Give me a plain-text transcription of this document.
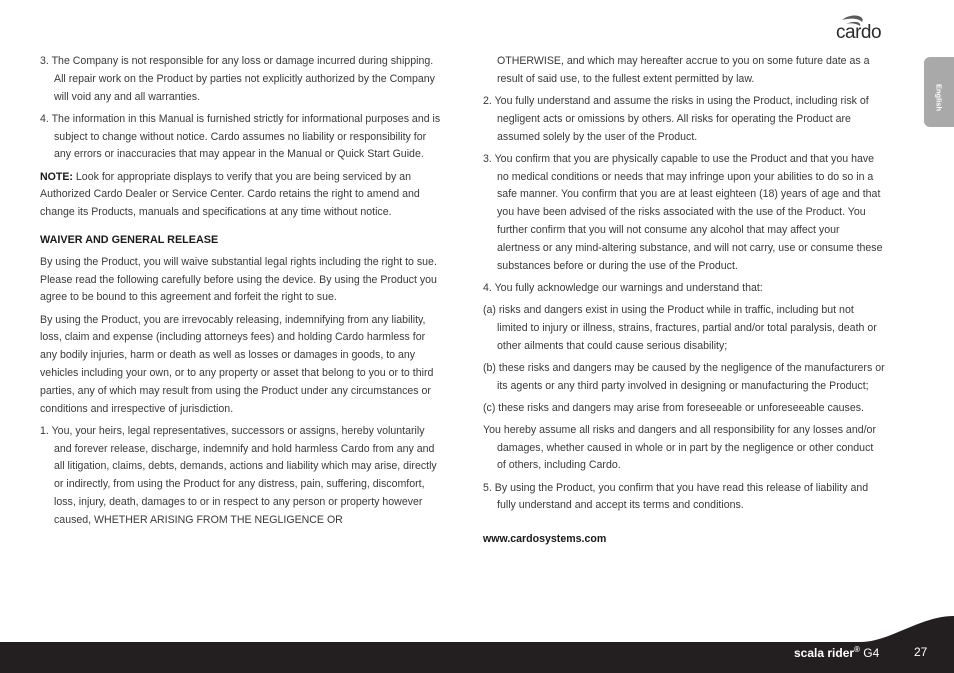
cardo
English

3. The Company is not responsible for any loss or damage incurred during shipping. All repair work on the Product by parties not explicitly authorized by the Company will void any and all warranties.

4. The information in this Manual is furnished strictly for informational purposes and is subject to change without notice. Cardo assumes no liability or responsibility for any errors or inaccuracies that may appear in the Manual or Quick Start Guide.

NOTE: Look for appropriate displays to verify that you are being serviced by an Authorized Cardo Dealer or Service Center. Cardo retains the right to amend and change its Products, manuals and specifications at any time without notice.

WAIVER AND GENERAL RELEASE

By using the Product, you will waive substantial legal rights including the right to sue. Please read the following carefully before using the device. By using the Product you agree to be bound to this agreement and forfeit the right to sue.

By using the Product, you are irrevocably releasing, indemnifying from any liability, loss, claim and expense (including attorneys fees) and holding Cardo harmless for any bodily injuries, harm or death as well as losses or damages in goods, to any vehicles including your own, or to any property or asset that belong to you or to third parties, any of which may result from using the Product under any circumstances or conditions and irrespective of jurisdiction.

1. You, your heirs, legal representatives, successors or assigns, hereby voluntarily and forever release, discharge, indemnify and hold harmless Cardo from any and all litigation, claims, debts, demands, actions and liability which may arise, directly or indirectly, from using the Product for any distress, pain, suffering, discomfort, loss, injury, death, damages to or in respect to any person or property however caused, WHETHER ARISING FROM THE NEGLIGENCE OR

OTHERWISE, and which may hereafter accrue to you on some future date as a result of said use, to the fullest extent permitted by law.

2. You fully understand and assume the risks in using the Product, including risk of negligent acts or omissions by others. All risks for operating the Product are assumed solely by the user of the Product.

3. You confirm that you are physically capable to use the Product and that you have no medical conditions or needs that may infringe upon your abilities to do so in a safe manner. You confirm that you are at least eighteen (18) years of age and that you have been advised of the risks associated with the use of the Product. You further confirm that you will not consume any alcohol that may affect your alertness or any mind-altering substance, and will not carry, use or consume these substances before or during the use of the Product.

4. You fully acknowledge our warnings and understand that:

(a) risks and dangers exist in using the Product while in traffic, including but not limited to injury or illness, strains, fractures, partial and/or total paralysis, death or other ailments that could cause serious disability;

(b) these risks and dangers may be caused by the negligence of the manufacturers or its agents or any third party involved in designing or manufacturing the Product;

(c) these risks and dangers may arise from foreseeable or unforeseeable causes.

You hereby assume all risks and dangers and all responsibility for any losses and/or damages, whether caused in whole or in part by the negligence or other conduct of others, including Cardo.

5. By using the Product, you confirm that you have read this release of liability and fully understand and accept its terms and conditions.

www.cardosystems.com
scala rider® G4	27
